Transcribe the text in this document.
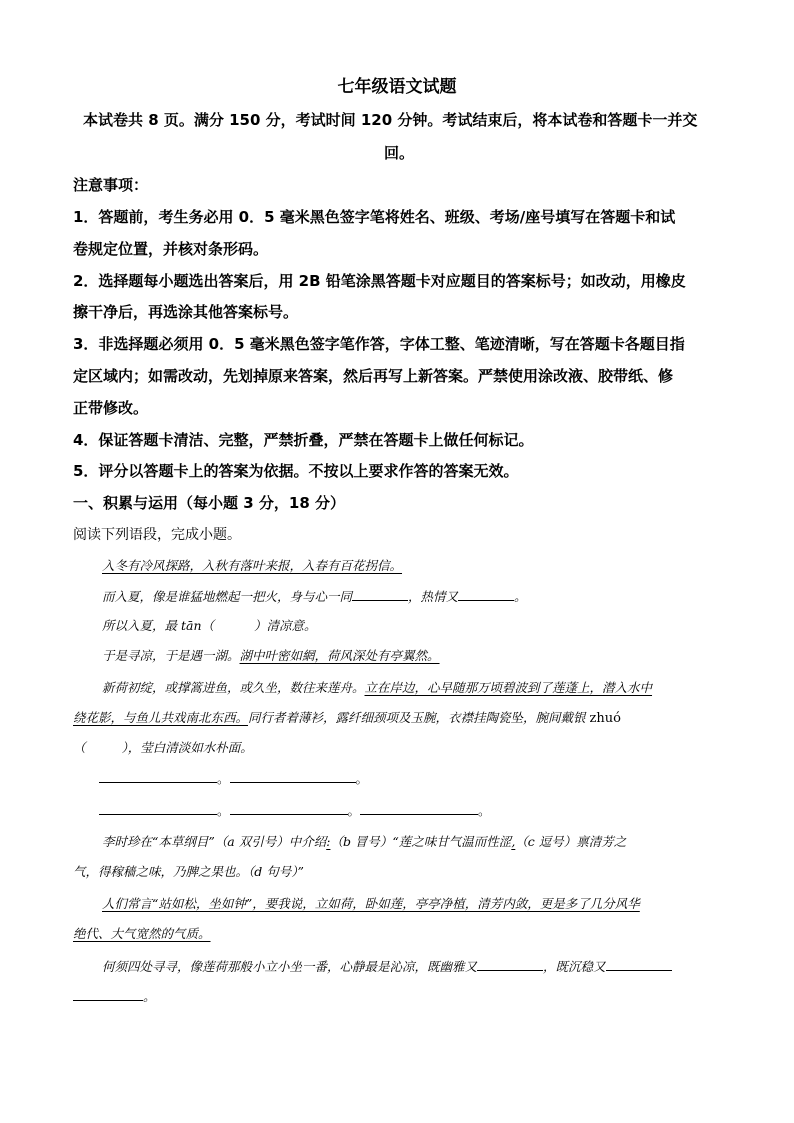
七年级语文试题
本试卷共 8 页。满分 150 分，考试时间 120 分钟。考试结束后，将本试卷和答题卡一并交
回。
注意事项：
1．答题前，考生务必用 0．5 毫米黑色签字笔将姓名、班级、考场/座号填写在答题卡和试
卷规定位置，并核对条形码。
2．选择题每小题选出答案后，用 2B 铅笔涂黑答题卡对应题目的答案标号；如改动，用橡皮
擦干净后，再选涂其他答案标号。
3．非选择题必须用 0．5 毫米黑色签字笔作答，字体工整、笔迹清晰，写在答题卡各题目指
定区域内；如需改动，先划掉原来答案，然后再写上新答案。严禁使用涂改液、胶带纸、修
正带修改。
4．保证答题卡清洁、完整，严禁折叠，严禁在答题卡上做任何标记。
5．评分以答题卡上的答案为依据。不按以上要求作答的答案无效。
一、积累与运用（每小题 3 分，18 分）
阅读下列语段，完成小题。
入冬有冷风探路，入秋有落叶来报，入春有百花拐信。
而入夏，像是谁猛地燃起一把火，身与心一同	，热情又	。
所以入夏，最 tān（	）清凉意。
于是寻凉，于是遇一湖。湖中叶密如網，荷风深处有亭翼然。
新荷初绽，或撑篙进鱼，或久坐，数往来莲舟。立在岸边，心早随那万顷碧波到了莲蓬上，潜入水中
绕花影，与鱼儿共戏南北东西。同行者着薄衫，露纤细颈项及玉腕，衣襟挂陶瓷坠，腕间戴银 zhuó
（	），莹白清淡如水朴面。
。	。
。	。	。
李时珍在“本草纲目”（a 双引号）中介绍:（b 冒号）“莲之味甘气温而性涩,（c 逗号）禀清芳之
气，得稼穑之味，乃脾之果也。（d 句号）”
人们常言“站如松，坐如钟”，要我说，立如荷，卧如莲，亭亭净植，清芳内敛，更是多了几分风华
绝代、大气宽然的气质。
何须四处寻寻，像莲荷那般小立小坐一番，心静最是沁凉，既幽雅又	，既沉稳又
。
